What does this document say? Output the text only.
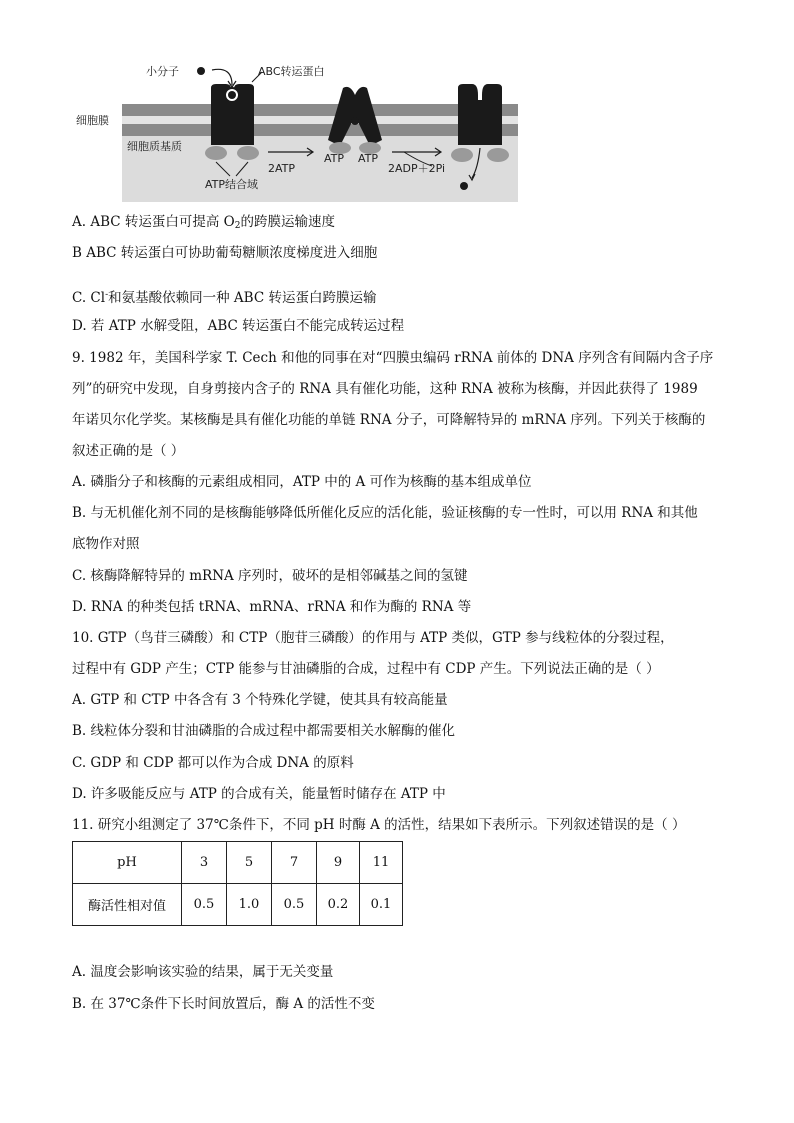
小分子	ABC转运蛋白
细胞膜
细胞质基质
ATP结合域
2ATP
ATP ATP
2ADP＋2Pi
A. ABC 转运蛋白可提高 $O_2$的跨膜运输速度
B ABC 转运蛋白可协助葡萄糖顺浓度梯度进入细胞
C. Cl-和氨基酸依赖同一种 ABC 转运蛋白跨膜运输
D. 若 ATP 水解受阻，ABC 转运蛋白不能完成转运过程
9. 1982 年，美国科学家 T. Cech 和他的同事在对“四膜虫编码 rRNA 前体的 DNA 序列含有间隔内含子序
列”的研究中发现，自身剪接内含子的 RNA 具有催化功能，这种 RNA 被称为核酶，并因此获得了 1989
年诺贝尔化学奖。某核酶是具有催化功能的单链 RNA 分子，可降解特异的 mRNA 序列。下列关于核酶的
叙述正确的是（ ）
A. 磷脂分子和核酶的元素组成相同，ATP 中的 A 可作为核酶的基本组成单位
B. 与无机催化剂不同的是核酶能够降低所催化反应的活化能，验证核酶的专一性时，可以用 RNA 和其他
底物作对照
C. 核酶降解特异的 mRNA 序列时，破坏的是相邻碱基之间的氢键
D. RNA 的种类包括 tRNA、mRNA、rRNA 和作为酶的 RNA 等
10. GTP（鸟苷三磷酸）和 CTP（胞苷三磷酸）的作用与 ATP 类似，GTP 参与线粒体的分裂过程，
过程中有 GDP 产生；CTP 能参与甘油磷脂的合成，过程中有 CDP 产生。下列说法正确的是（ ）
A. GTP 和 CTP 中各含有 3 个特殊化学键，使其具有较高能量
B. 线粒体分裂和甘油磷脂的合成过程中都需要相关水解酶的催化
C. GDP 和 CDP 都可以作为合成 DNA 的原料
D. 许多吸能反应与 ATP 的合成有关，能量暂时储存在 ATP 中
11. 研究小组测定了 37℃条件下，不同 pH 时酶 A 的活性，结果如下表所示。下列叙述错误的是（ ）
pH	3	5	7	9	11
酶活性相对值	0.5	1.0	0.5	0.2	0.1
A. 温度会影响该实验的结果，属于无关变量
B. 在 37℃条件下长时间放置后，酶 A 的活性不变
